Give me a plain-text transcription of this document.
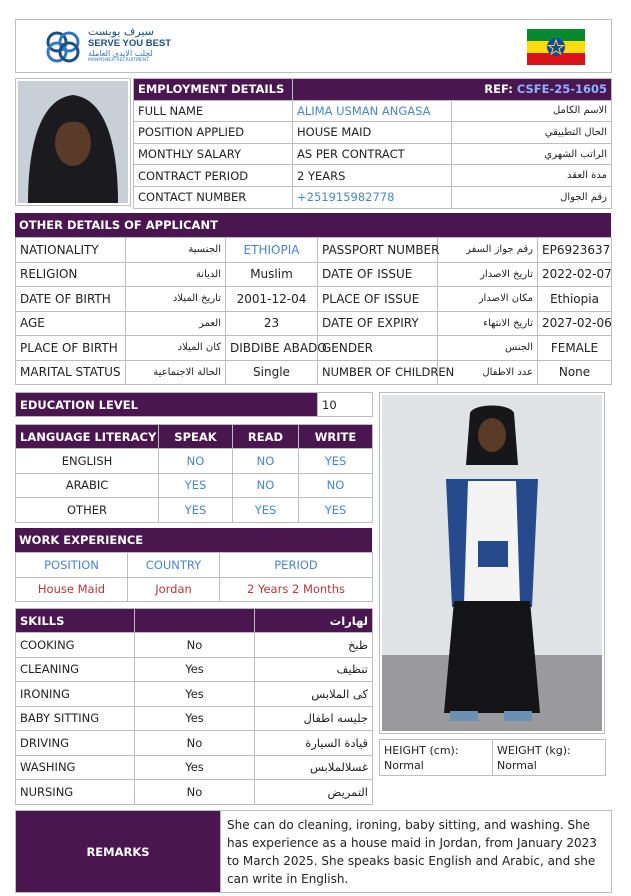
سيرف يوبست
SERVE YOU BEST
لجلب الايدي العاملة
MANPOWER RECRUITMENT
EMPLOYMENT DETAILS	REF: CSFE-25-1605	
FULL NAME	ALIMA USMAN ANGASA	الاسم الكامل
POSITION APPLIED	HOUSE MAID	الحال التطبيقي
MONTHLY SALARY	AS PER CONTRACT	الراتب الشهري
CONTRACT PERIOD	2 YEARS	مدة العقد
CONTACT NUMBER	+251915982778	رقم الجوال
OTHER DETAILS OF APPLICANT
NATIONALITY	الجنسية	ETHIOPIA	PASSPORT NUMBER	رقم جواز السفر	EP6923637
RELIGION	الديانة	Muslim	DATE OF ISSUE	تاريخ الاصدار	2022-02-07
DATE OF BIRTH	تاريخ الميلاد	2001-12-04	PLACE OF ISSUE	مكان الاصدار	Ethiopia
AGE	العمر	23	DATE OF EXPIRY	تاريخ الانتهاء	2027-02-06
PLACE OF BIRTH	كان الميلاد	DIBDIBE ABADO	GENDER	الجنس	FEMALE
MARITAL STATUS	الحالة الاجتماعية	Single	NUMBER OF CHILDREN	عدد الاطفال	None
EDUCATION LEVEL	10
LANGUAGE LITERACY	SPEAK	READ	WRITE
ENGLISH	NO	NO	YES
ARABIC	YES	NO	NO
OTHER	YES	YES	YES
WORK EXPERIENCE
POSITION	COUNTRY	PERIOD
House Maid	Jordan	2 Years 2 Months
SKILLS		لهارات
COOKING	No	طبخ
CLEANING	Yes	تنظيف
IRONING	Yes	كى الملابس
BABY SITTING	Yes	جليسه اطفال
DRIVING	No	قيادة السيارة
WASHING	Yes	غسلالملابس
NURSING	No	التمريض
HEIGHT (cm):
Normal

WEIGHT (kg):
Normal
REMARKS	She can do cleaning, ironing, baby sitting, and washing. She has experience as a house maid in Jordan, from January 2023 to March 2025. She speaks basic English and Arabic, and she can write in English.
